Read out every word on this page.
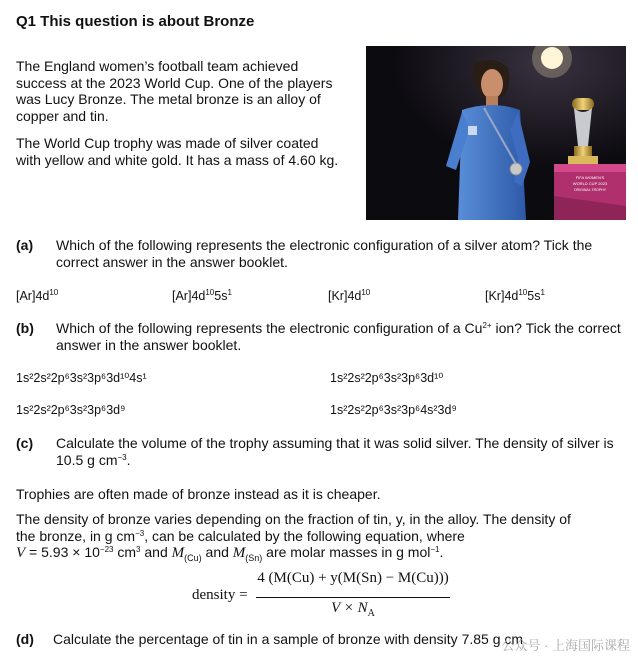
Q1 This question is about Bronze
The England women’s football team achieved success at the 2023 World Cup. One of the players was Lucy Bronze. The metal bronze is an alloy of copper and tin.
The World Cup trophy was made of silver coated with yellow and white gold. It has a mass of 4.60 kg.
FIFA WOMEN'S
WORLD CUP 2023
ORIGINAL TROPHY
(a) Which of the following represents the electronic configuration of a silver atom? Tick the correct answer in the answer booklet.
$[Ar]4d^{10}$	$[Ar]4d^{10}5s^1$	$[Kr]4d^{10}$	$[Kr]4d^{10}5s^1$
(b) Which of the following represents the electronic configuration of a $Cu^{2+}$ ion? Tick the correct answer in the answer booklet.
1s²2s²2p⁶3s²3p⁶3d¹⁰4s¹	1s²2s²2p⁶3s²3p⁶3d¹⁰
1s²2s²2p⁶3s²3p⁶3d⁹	1s²2s²2p⁶3s²3p⁶4s²3d⁹
(c) Calculate the volume of the trophy assuming that it was solid silver. The density of silver is 10.5 g $cm^{-3}$.
Trophies are often made of bronze instead as it is cheaper.
The density of bronze varies depending on the fraction of tin, y, in the alloy. The density of
the bronze, in g $cm^{-3}$, can be calculated by the following equation, where
$V = 5.93 \times 10^{-23}$ $cm^3$ and $M_{(Cu)}$ and $M_{(Sn)}$ are molar masses in g mol$^{-1}$.
density =
4 (M(Cu) + y(M(Sn) − M(Cu)))
$V \times N_A$
(d) Calculate the percentage of tin in a sample of bronze with density 7.85 g cm
公众号 · 上海国际课程
